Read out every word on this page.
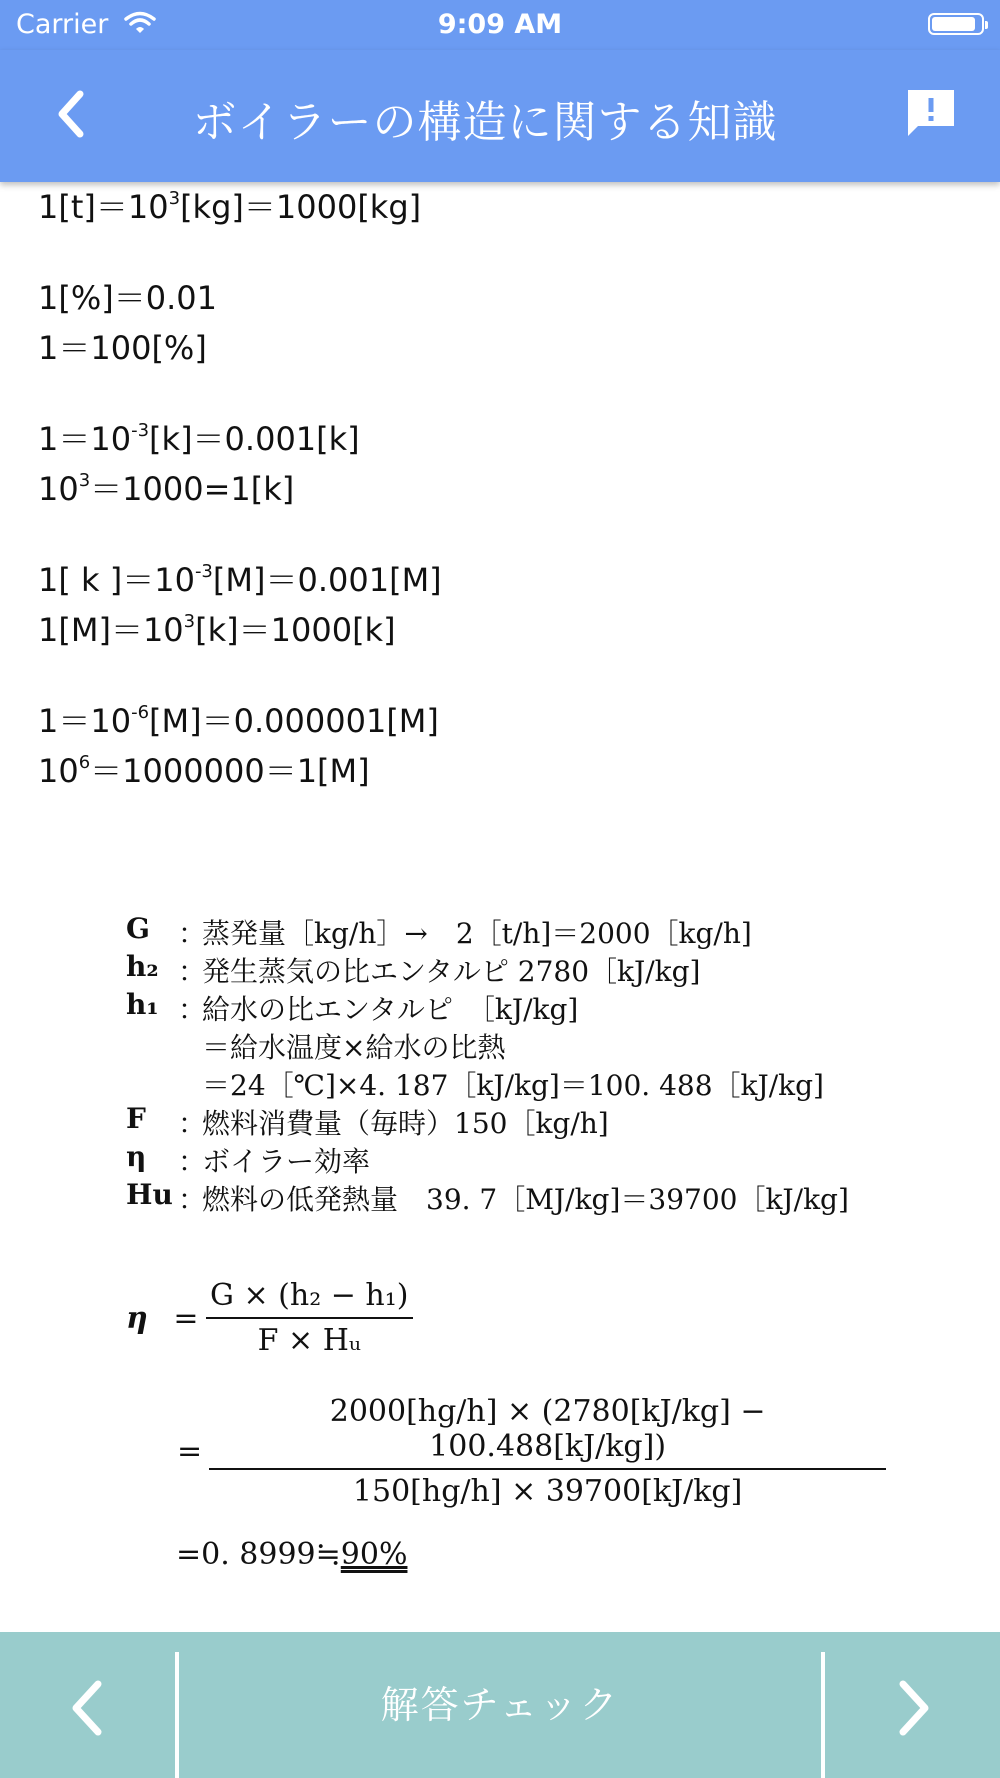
Carrier	9:09 AM
ボイラーの構造に関する知識
$1[t]=10^3[kg]=1000[kg]$
1[%]＝0.01
1＝100[%]
$1=10^{-3}[k]=0.001[k]$
$10^3=1000=1[k]$
1[ k ]$=10^{-3}[M]=0.001[M]$
$1[M]=10^3[k]=1000[k]$
$1=10^{-6}[M]=0.000001[M]$
$10^6=1000000=1[M]$
G	：
蒸発量［kg/h］→　2［t/h]＝2000［kg/h]
h₂ ：
発生蒸気の比エンタルピ 2780［kJ/kg]
h₁ ：
給水の比エンタルピ　［kJ/kg]
＝給水温度×給水の比熱
＝24［℃]×4. 187［kJ/kg]＝100. 488［kJ/kg]
F	：
燃料消費量（毎時）150［kg/h]
η	：
ボイラー効率
Hu ：
燃料の低発熱量　39. 7［MJ/kg]＝39700［kJ/kg]
$\eta = \frac{\text{G × (h₂ − h₁)}}{\text{F × Hᵤ}}$
= $\frac{2000[hg/h] \times (2780[kJ/kg] - 100.488[kJ/kg])}{150[hg/h] \times 39700[kJ/kg]}$
=0. 8999≒90%
解答チェック
